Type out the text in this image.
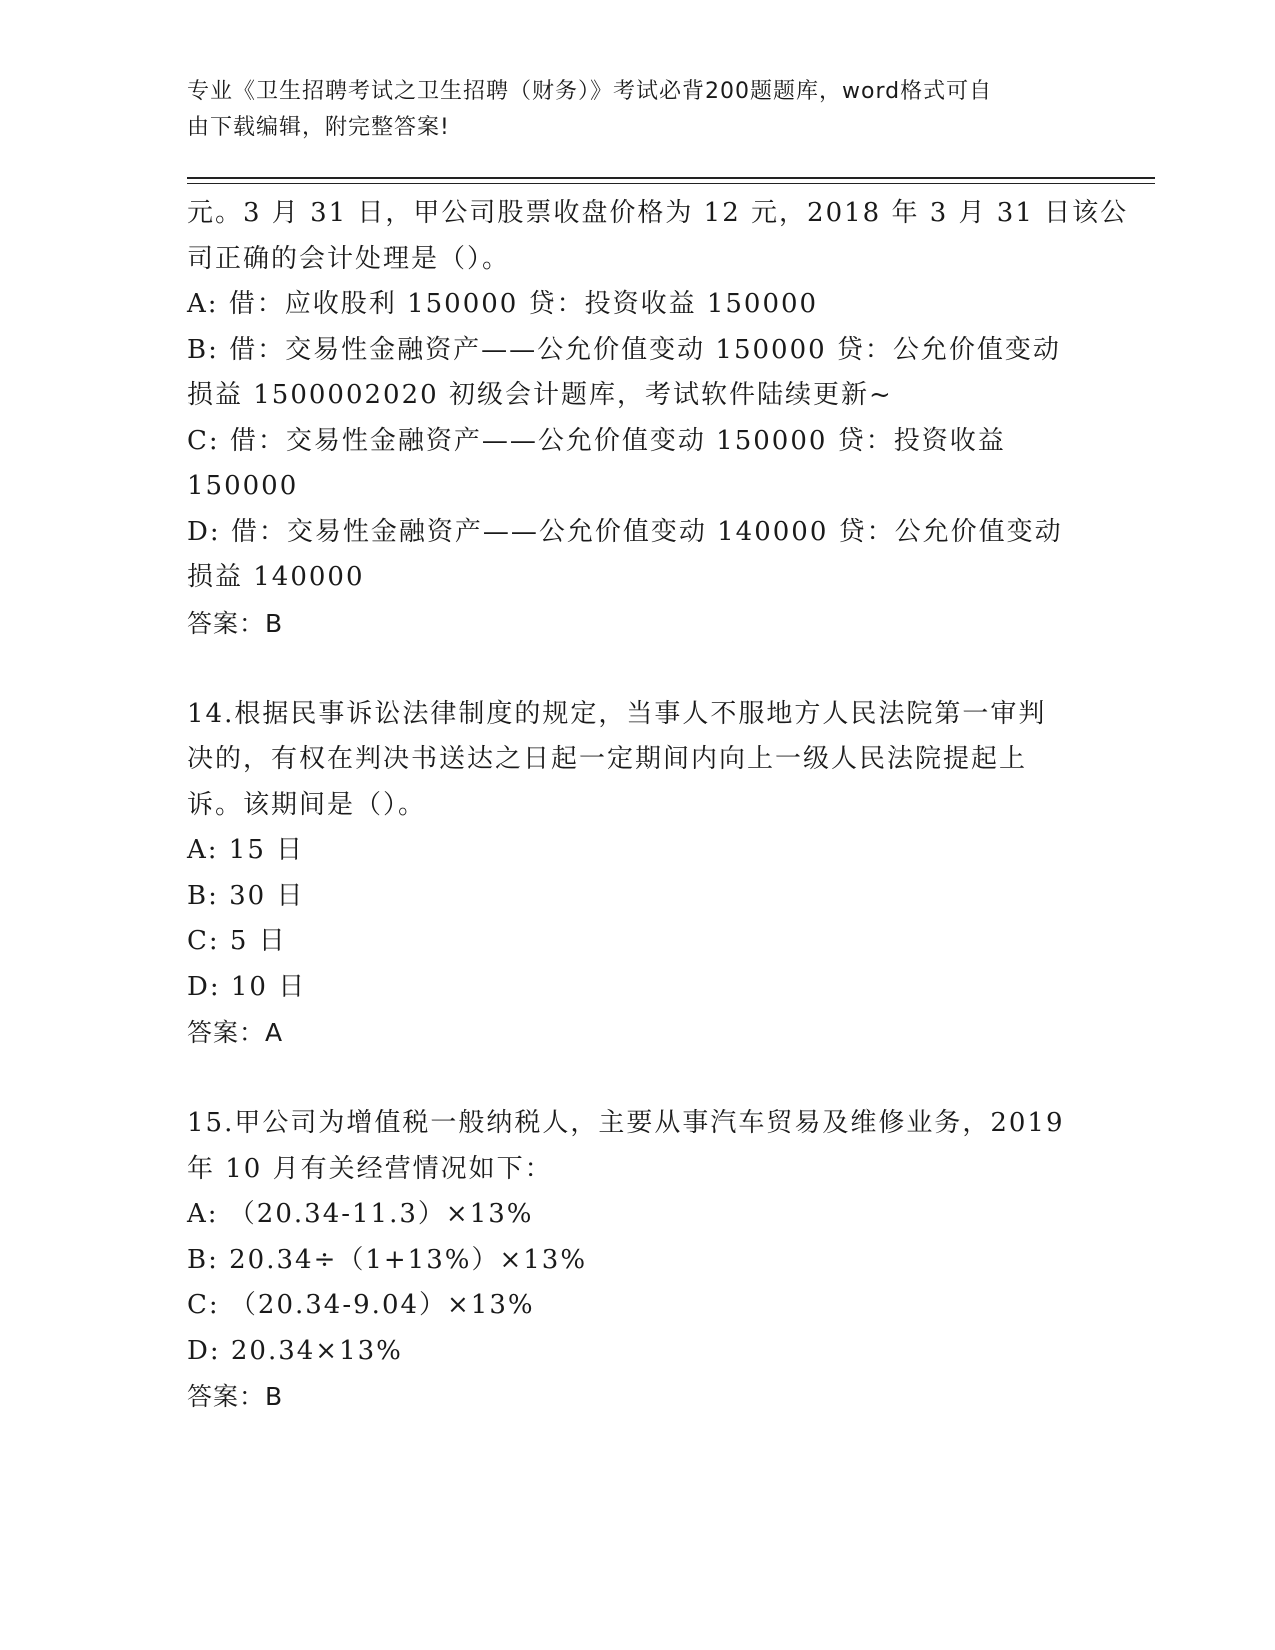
专业《卫生招聘考试之卫生招聘（财务）》考试必背200题题库，word格式可自
由下载编辑，附完整答案!
元。3 月 31 日，甲公司股票收盘价格为 12 元，2018 年 3 月 31 日该公
司正确的会计处理是（）。
A: 借：应收股利 150000 贷：投资收益 150000
B: 借：交易性金融资产——公允价值变动 150000 贷：公允价值变动
损益 1500002020 初级会计题库，考试软件陆续更新~
C: 借：交易性金融资产——公允价值变动 150000 贷：投资收益
150000
D: 借：交易性金融资产——公允价值变动 140000 贷：公允价值变动
损益 140000
答案：B
14.根据民事诉讼法律制度的规定，当事人不服地方人民法院第一审判
决的，有权在判决书送达之日起一定期间内向上一级人民法院提起上
诉。该期间是（）。
A: 15 日
B: 30 日
C: 5 日
D: 10 日
答案：A
15.甲公司为增值税一般纳税人，主要从事汽车贸易及维修业务，2019
年 10 月有关经营情况如下：
A: （20.34-11.3）×13%
B: 20.34÷（1+13%）×13%
C: （20.34-9.04）×13%
D: 20.34×13%
答案：B
